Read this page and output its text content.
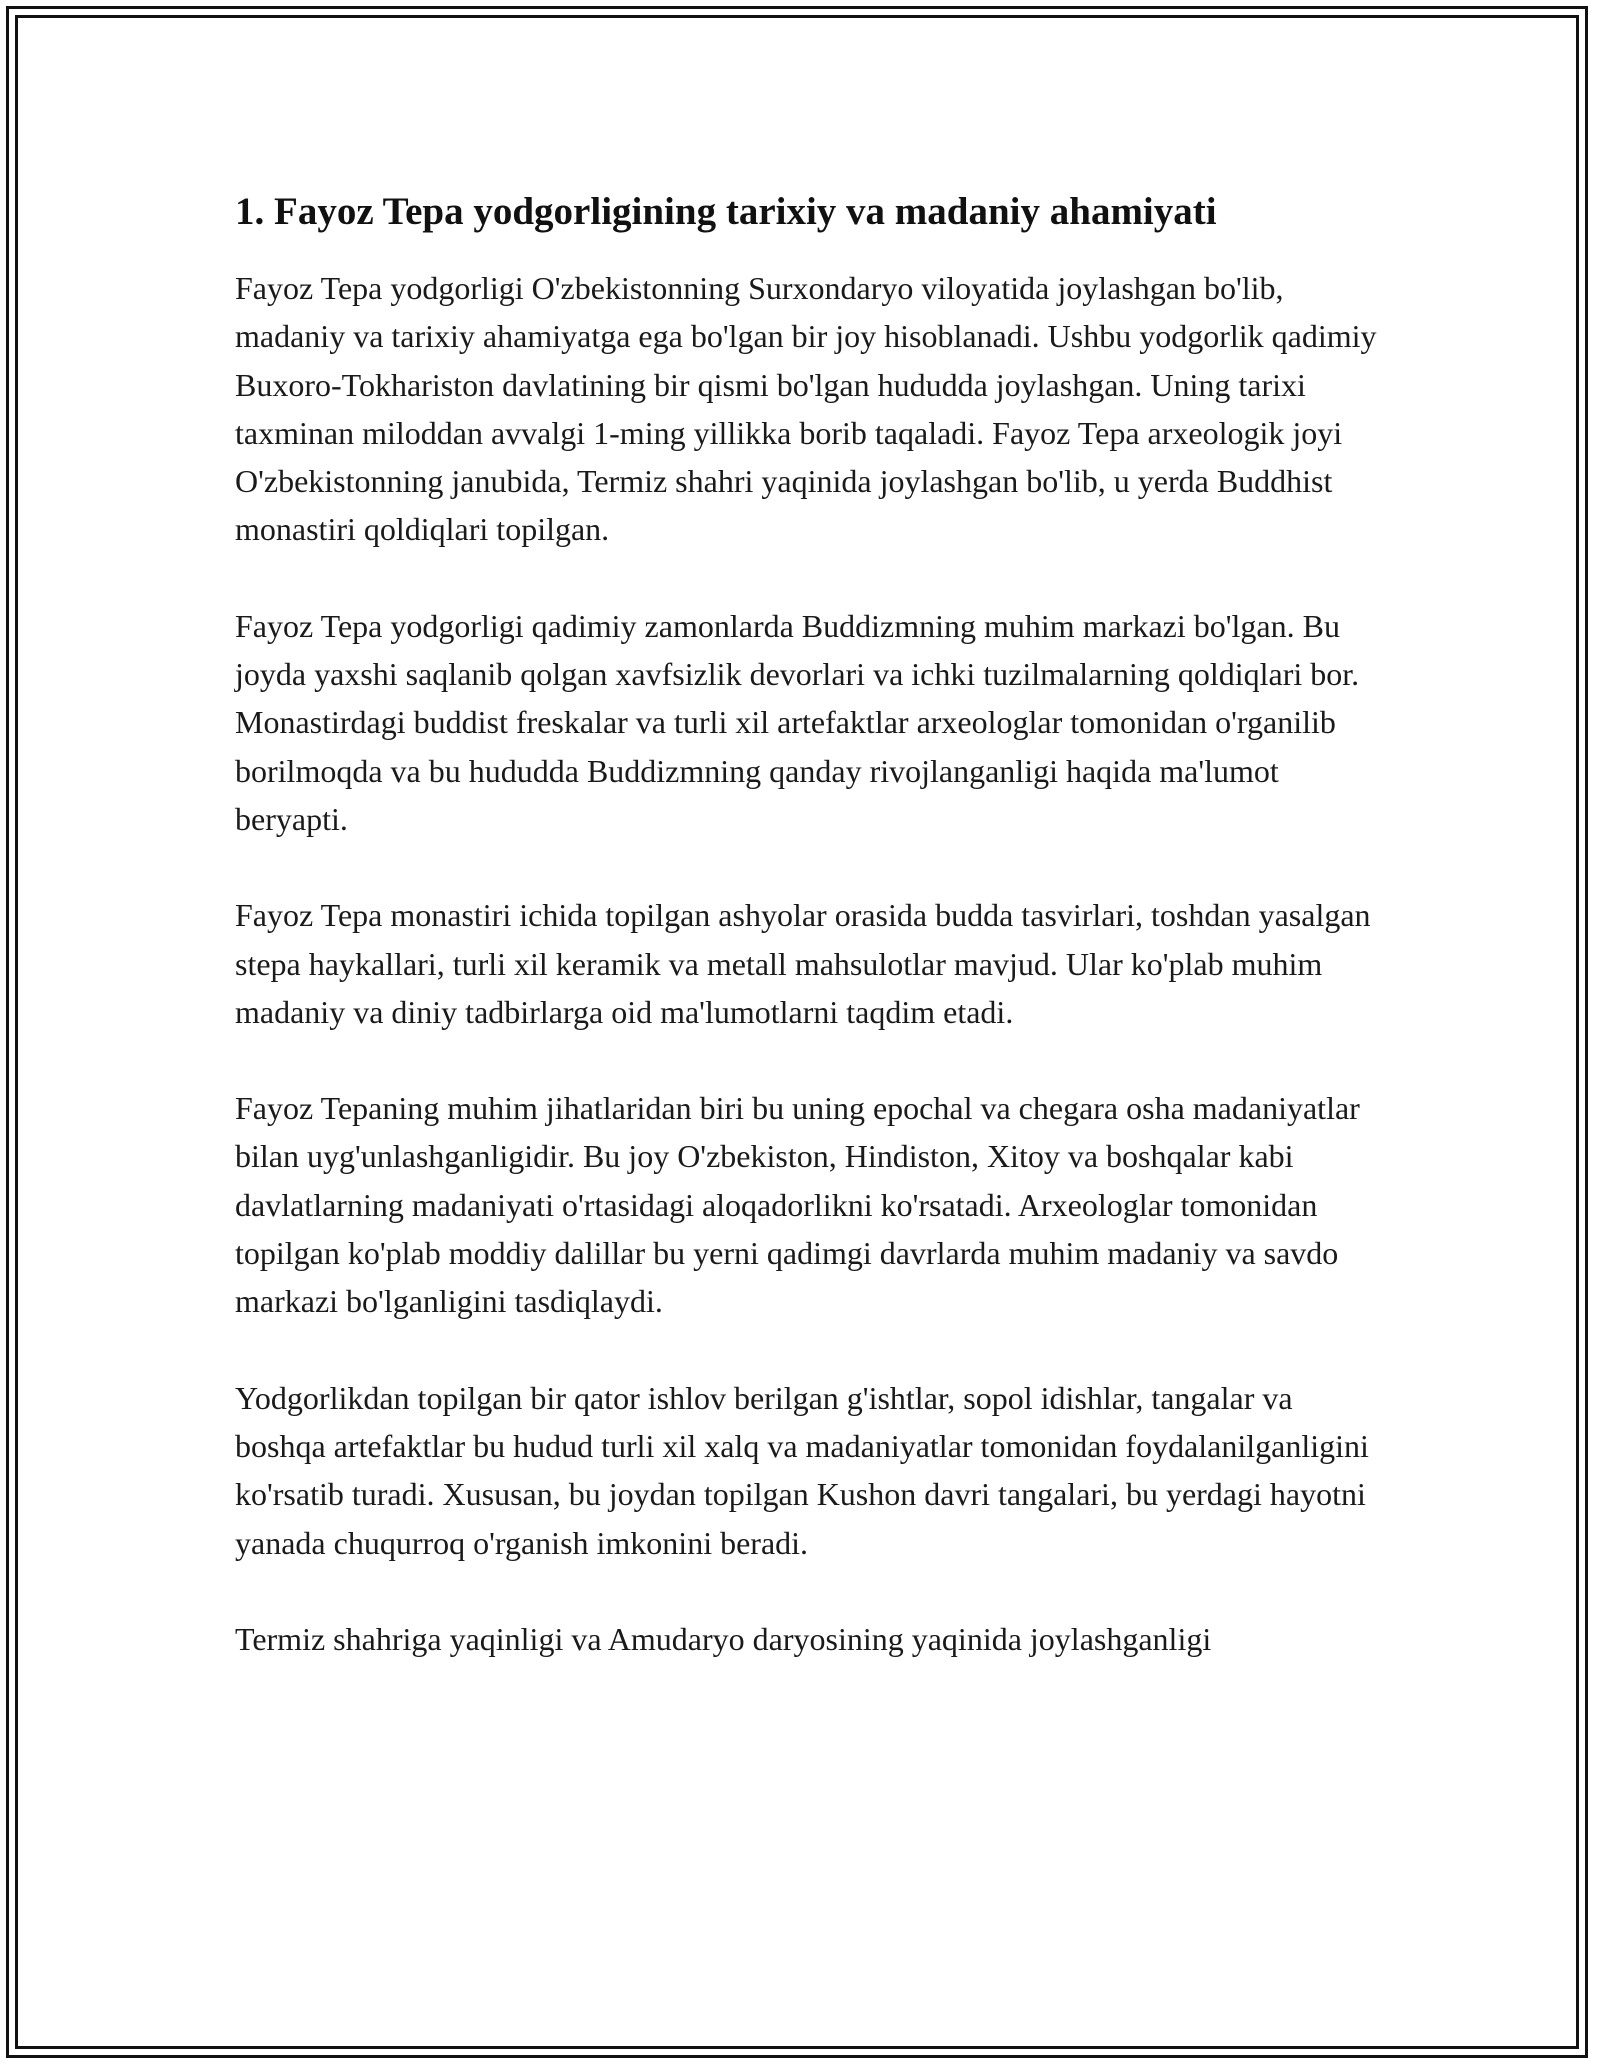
1. Fayoz Tepa yodgorligining tarixiy va madaniy ahamiyati

Fayoz Tepa yodgorligi O'zbekistonning Surxondaryo viloyatida joylashgan bo'lib, madaniy va tarixiy ahamiyatga ega bo'lgan bir joy hisoblanadi. Ushbu yodgorlik qadimiy Buxoro-Tokhariston davlatining bir qismi bo'lgan hududda joylashgan. Uning tarixi taxminan miloddan avvalgi 1-ming yillikka borib taqaladi. Fayoz Tepa arxeologik joyi O'zbekistonning janubida, Termiz shahri yaqinida joylashgan bo'lib, u yerda Buddhist monastiri qoldiqlari topilgan.

Fayoz Tepa yodgorligi qadimiy zamonlarda Buddizmning muhim markazi bo'lgan. Bu joyda yaxshi saqlanib qolgan xavfsizlik devorlari va ichki tuzilmalarning qoldiqlari bor. Monastirdagi buddist freskalar va turli xil artefaktlar arxeologlar tomonidan o'rganilib borilmoqda va bu hududda Buddizmning qanday rivojlanganligi haqida ma'lumot beryapti.

Fayoz Tepa monastiri ichida topilgan ashyolar orasida budda tasvirlari, toshdan yasalgan stepa haykallari, turli xil keramik va metall mahsulotlar mavjud. Ular ko'plab muhim madaniy va diniy tadbirlarga oid ma'lumotlarni taqdim etadi.

Fayoz Tepaning muhim jihatlaridan biri bu uning epochal va chegara osha madaniyatlar bilan uyg'unlashganligidir. Bu joy O'zbekiston, Hindiston, Xitoy va boshqalar kabi davlatlarning madaniyati o'rtasidagi aloqadorlikni ko'rsatadi. Arxeologlar tomonidan topilgan ko'plab moddiy dalillar bu yerni qadimgi davrlarda muhim madaniy va savdo markazi bo'lganligini tasdiqlaydi.

Yodgorlikdan topilgan bir qator ishlov berilgan g'ishtlar, sopol idishlar, tangalar va boshqa artefaktlar bu hudud turli xil xalq va madaniyatlar tomonidan foydalanilganligini ko'rsatib turadi. Xususan, bu joydan topilgan Kushon davri tangalari, bu yerdagi hayotni yanada chuqurroq o'rganish imkonini beradi.

Termiz shahriga yaqinligi va Amudaryo daryosining yaqinida joylashganligi
